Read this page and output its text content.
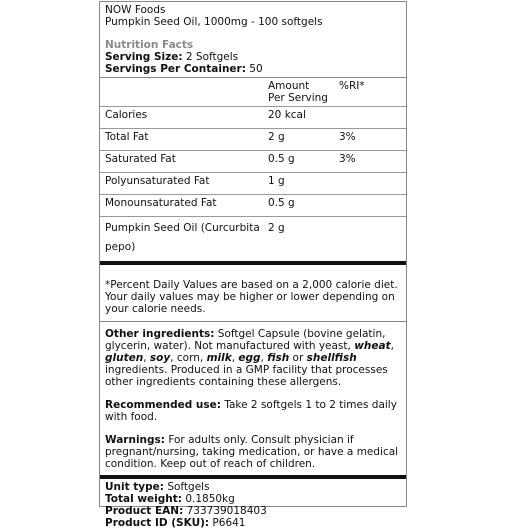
NOW Foods
Pumpkin Seed Oil, 1000mg - 100 softgels
Nutrition Facts
Serving Size: 2 Softgels
Servings Per Container: 50

	Amount
Per Serving	%RI*
Calories	20 kcal	
Total Fat	2 g	3%
Saturated Fat	0.5 g	3%
Polyunsaturated Fat	1 g	
Monounsaturated Fat	0.5 g	

Pumpkin Seed Oil (Curcurbita
pepo)	2 g	
*Percent Daily Values are based on a 2,000 calorie diet. Your daily values may be higher or lower depending on your calorie needs.
Other ingredients: Softgel Capsule (bovine gelatin, glycerin, water). Not manufactured with yeast, wheat, gluten, soy, corn, milk, egg, fish or shellfish ingredients. Produced in a GMP facility that processes other ingredients containing these allergens.
Recommended use: Take 2 softgels 1 to 2 times daily with food.
Warnings: For adults only. Consult physician if pregnant/nursing, taking medication, or have a medical condition. Keep out of reach of children.
Unit type: Softgels
Total weight: 0.1850kg
Product EAN: 733739018403
Product ID (SKU): P6641
